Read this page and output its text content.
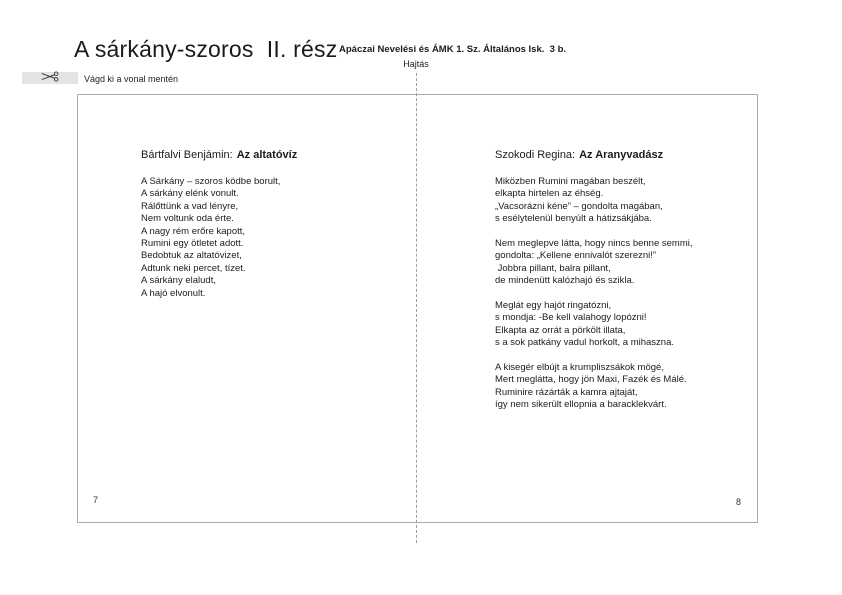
A sárkány-szoros  II. rész Apáczai Nevelési és ÁMK 1. Sz. Általános Isk.  3 b.
Hajtás
Vágd ki a vonal mentén
Bártfalvi Benjámin: Az altatóvíz
A Sárkány – szoros ködbe borult,
A sárkány elénk vonult.
Rálőttünk a vad lényre,
Nem voltunk oda érte.
A nagy rém erőre kapott,
Rumini egy ötletet adott.
Bedobtuk az altatóvizet,
Adtunk neki percet, tízet.
A sárkány elaludt,
A hajó elvonult.
Szokodi Regina: Az Aranyvadász
Miközben Rumini magában beszélt,
elkapta hirtelen az éhség.
„Vacsorázni kéne” – gondolta magában,
s esélytelenül benyúlt a hátizsákjába.
Nem meglepve látta, hogy nincs benne semmi,
gondolta: „Kellene ennivalót szerezni!”
Jobbra pillant, balra pillant,
de mindenütt kalózhajó és szikla.
Meglát egy hajót ringatózni,
s mondja: -Be kell valahogy lopózni!
Elkapta az orrát a pörkölt illata,
s a sok patkány vadul horkolt, a mihaszna.
A kisegér elbújt a krumpliszsákok mögé,
Mert meglátta, hogy jön Maxi, Fazék és Málé.
Ruminire rázárták a kamra ajtaját,
így nem sikerült ellopnia a baracklekvárt.
7	8
